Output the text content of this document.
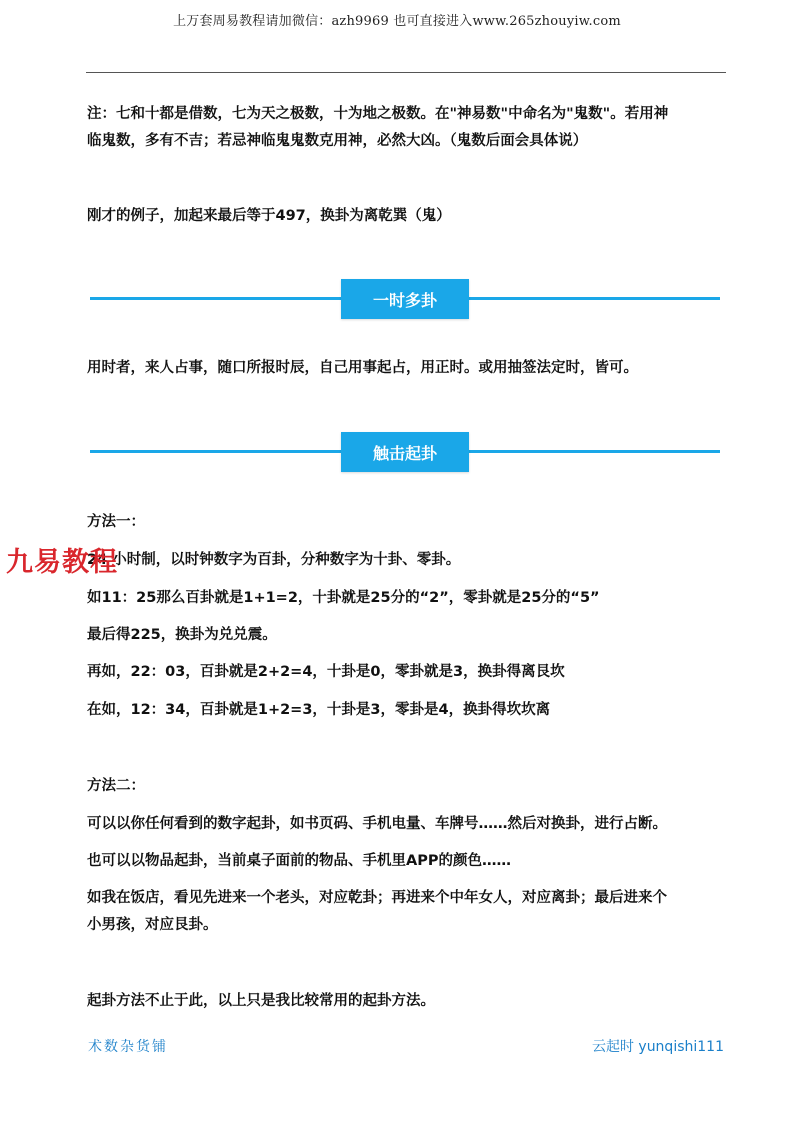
上万套周易教程请加微信：azh9969 也可直接进入www.265zhouyiw.com
注：七和十都是借数，七为天之极数，十为地之极数。在"神易数"中命名为"鬼数"。若用神
临鬼数，多有不吉；若忌神临鬼鬼数克用神，必然大凶。（鬼数后面会具体说）
刚才的例子，加起来最后等于497，换卦为离乾巽（鬼）
一时多卦
用时者，来人占事，随口所报时辰，自己用事起占，用正时。或用抽签法定时，皆可。
触击起卦
方法一：
24 小时制，以时钟数字为百卦，分种数字为十卦、零卦。
如11：25那么百卦就是1+1=2，十卦就是25分的“2”，零卦就是25分的“5”
最后得225，换卦为兑兑震。
再如，22：03，百卦就是2+2=4，十卦是0，零卦就是3，换卦得离艮坎
在如，12：34，百卦就是1+2=3，十卦是3，零卦是4，换卦得坎坎离
方法二：
可以以你任何看到的数字起卦，如书页码、手机电量、车牌号……然后对换卦，进行占断。
也可以以物品起卦，当前桌子面前的物品、手机里APP的颜色……
如我在饭店，看见先进来一个老头，对应乾卦；再进来个中年女人，对应离卦；最后进来个
小男孩，对应艮卦。
起卦方法不止于此，以上只是我比较常用的起卦方法。
九易教程
术数杂货铺	云起时 yunqishi111
